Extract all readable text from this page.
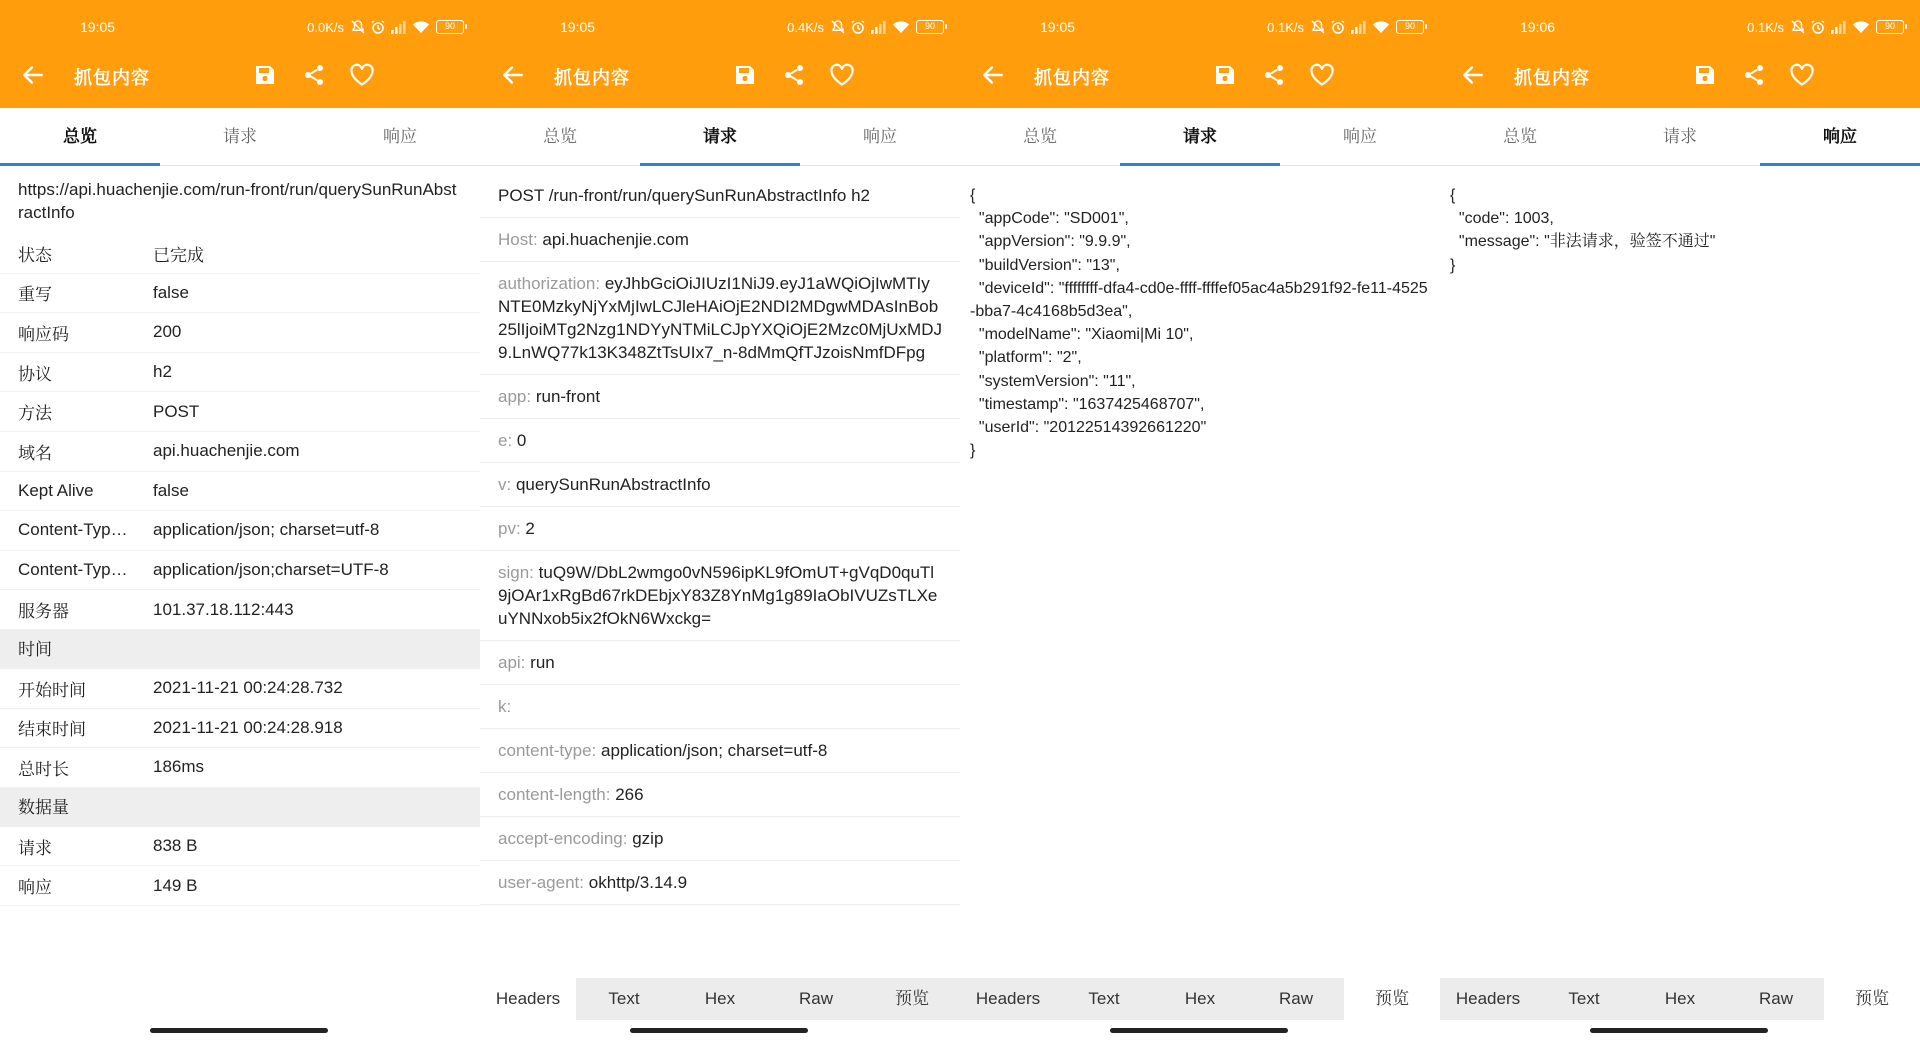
19:05	0.0K/s	90
抓包内容
总览	请求	响应
https://api.huachenjie.com/run-front/run/querySunRunAbstractInfo
状态	已完成
重写	false
响应码	200
协议	h2
方法	POST
域名	api.huachenjie.com
Kept Alive	false
Content-Typ…	application/json; charset=utf-8
Content-Typ…	application/json;charset=UTF-8
服务器	101.37.18.112:443
时间
开始时间	2021-11-21 00:24:28.732
结束时间	2021-11-21 00:24:28.918
总时长	186ms
数据量
请求	838 B
响应	149 B
19:05	0.4K/s	90
抓包内容
总览	请求	响应
POST /run-front/run/querySunRunAbstractInfo h2
Host: api.huachenjie.com
authorization: eyJhbGciOiJIUzI1NiJ9.eyJ1aWQiOjIwMTIyNTE0MzkyNjYxMjIwLCJleHAiOjE2NDI2MDgwMDAsInBob25lIjoiMTg2Nzg1NDYyNTMiLCJpYXQiOjE2Mzc0MjUxMDJ9.LnWQ77k13K348ZtTsUIx7_n-8dMmQfTJzoisNmfDFpg
app: run-front
e: 0
v: querySunRunAbstractInfo
pv: 2
sign: tuQ9W/DbL2wmgo0vN596ipKL9fOmUT+gVqD0quTl9jOAr1xRgBd67rkDEbjxY83Z8YnMg1g89IaObIVUZsTLXeuYNNxob5ix2fOkN6Wxckg=
api: run
k:
content-type: application/json; charset=utf-8
content-length: 266
accept-encoding: gzip
user-agent: okhttp/3.14.9
Headers	Text	Hex	Raw	预览
19:05	0.1K/s	90
抓包内容
总览	请求	响应
{
"appCode": "SD001",
"appVersion": "9.9.9",
"buildVersion": "13",
"deviceId": "ffffffff-dfa4-cd0e-ffff-ffffef05ac4a5b291f92-fe11-4525-bba7-4c4168b5d3ea",
"modelName": "Xiaomi|Mi 10",
"platform": "2",
"systemVersion": "11",
"timestamp": "1637425468707",
"userId": "20122514392661220"
}
Headers	Text	Hex	Raw	预览
19:06	0.1K/s	90
抓包内容
总览	请求	响应
{
"code": 1003,
"message": "非法请求，验签不通过"
}
Headers	Text	Hex	Raw	预览
